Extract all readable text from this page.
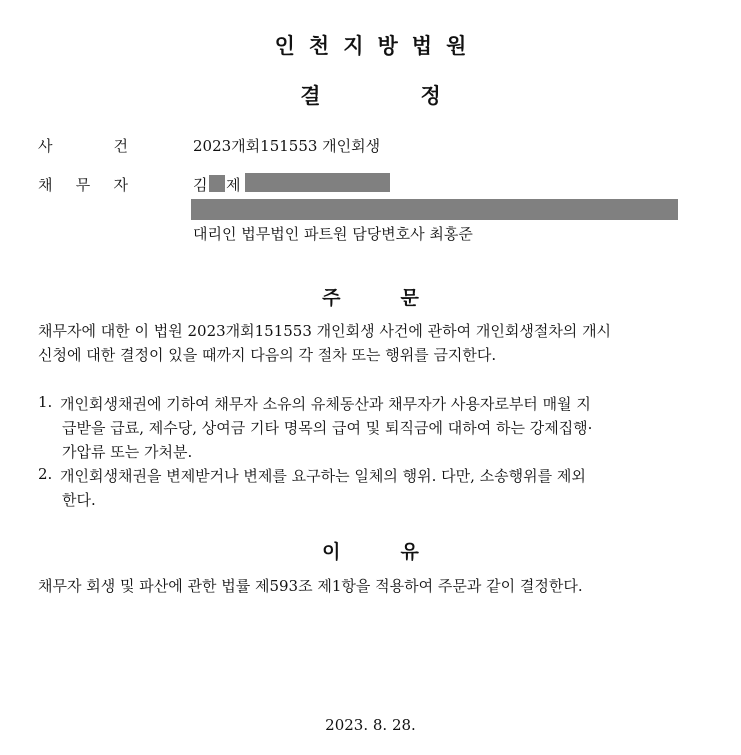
인천지방법원
결정
사	건	2023개회151553 개인회생
채 무 자	김 제
대리인 법무법인 파트원 담당변호사 최홍준
주문
채무자에 대한 이 법원 2023개회151553 개인회생 사건에 관하여 개인회생절차의 개시
신청에 대한 결정이 있을 때까지 다음의 각 절차 또는 행위를 금지한다.
1. 개인회생채권에 기하여 채무자 소유의 유체동산과 채무자가 사용자로부터 매월 지
급받을 급료, 제수당, 상여금 기타 명목의 급여 및 퇴직금에 대하여 하는 강제집행·
가압류 또는 가처분.
2. 개인회생채권을 변제받거나 변제를 요구하는 일체의 행위. 다만, 소송행위를 제외
한다.
이유
채무자 회생 및 파산에 관한 법률 제593조 제1항을 적용하여 주문과 같이 결정한다.
2023. 8. 28.
